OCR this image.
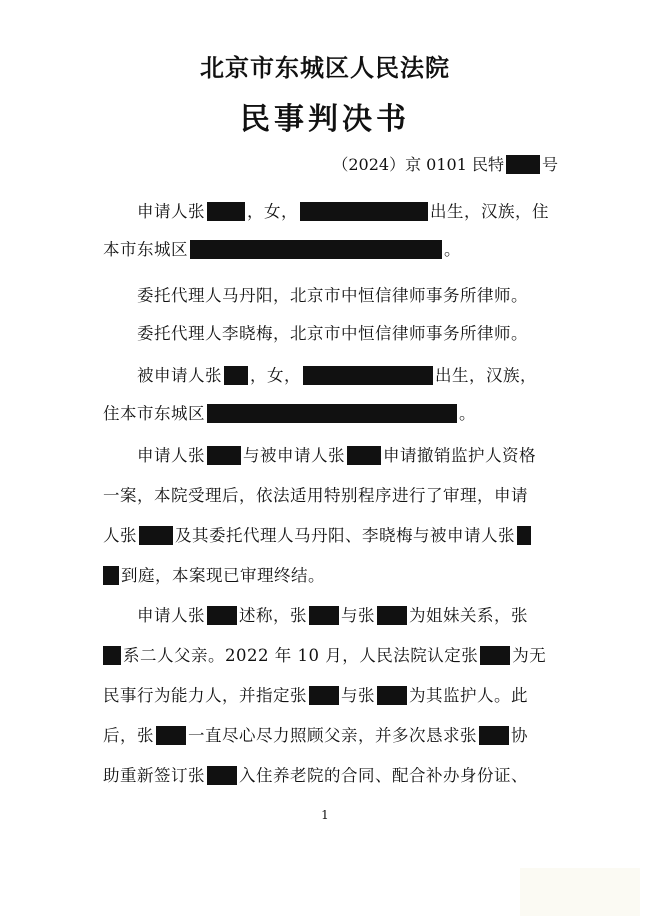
北京市东城区人民法院
民事判决书
（2024）京 0101 民特 号
申请人张	，女，	出生，汉族，住
本市东城区	。
委托代理人马丹阳，北京市中恒信律师事务所律师。
委托代理人李晓梅，北京市中恒信律师事务所律师。
被申请人张 ，女，	出生，汉族，
住本市东城区	。
申请人张 与被申请人张 申请撤销监护人资格
一案，本院受理后，依法适用特别程序进行了审理，申请
人张 及其委托代理人马丹阳、李晓梅与被申请人张
到庭，本案现已审理终结。
申请人张 述称，张 与张 为姐妹关系，张
系二人父亲。2022 年 10 月，人民法院认定张 为无
民事行为能力人，并指定张 与张 为其监护人。此
后，张 一直尽心尽力照顾父亲，并多次恳求张 协
助重新签订张 入住养老院的合同、配合补办身份证、
1
